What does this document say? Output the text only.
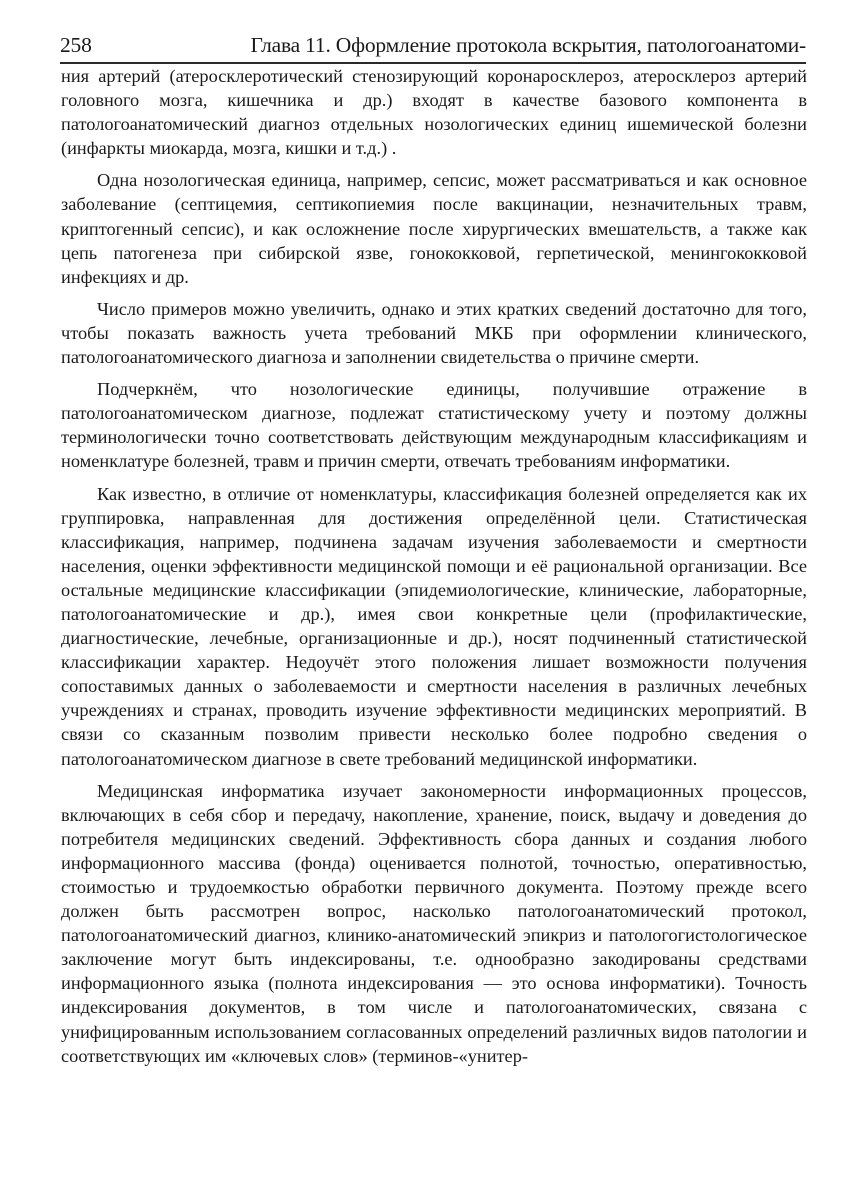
258	Глава 11. Оформление протокола вскрытия, патологоанатоми-

ния артерий (атеросклеротический стенозирующий коронаросклероз, атеросклероз артерий головного мозга, кишечника и др.) входят в качестве базового компонента в патологоанатомический диагноз отдельных нозологических единиц ишемической болезни (инфаркты миокарда, мозга, кишки и т.д.) .

Одна нозологическая единица, например, сепсис, может рассматриваться и как основное заболевание (септицемия, септикопиемия после вакцинации, незначительных травм, криптогенный сепсис), и как осложнение после хирургических вмешательств, а также как цепь патогенеза при сибирской язве, гонококковой, герпетической, менингококковой инфекциях и др.

Число примеров можно увеличить, однако и этих кратких сведений достаточно для того, чтобы показать важность учета требований МКБ при оформлении клинического, патологоанатомического диагноза и заполнении свидетельства о причине смерти.

Подчеркнём, что нозологические единицы, получившие отражение в патологоанатомическом диагнозе, подлежат статистическому учету и поэтому должны терминологически точно соответствовать действующим международным классификациям и номенклатуре болезней, травм и причин смерти, отвечать требованиям информатики.

Как известно, в отличие от номенклатуры, классификация болезней определяется как их группировка, направленная для достижения определённой цели. Статистическая классификация, например, подчинена задачам изучения заболеваемости и смертности населения, оценки эффективности медицинской помощи и её рациональной организации. Все остальные медицинские классификации (эпидемиологические, клинические, лабораторные, патологоанатомические и др.), имея свои конкретные цели (профилактические, диагностические, лечебные, организационные и др.), носят подчиненный статистической классификации характер. Недоучёт этого положения лишает возможности получения сопоставимых данных о заболеваемости и смертности населения в различных лечебных учреждениях и странах, проводить изучение эффективности медицинских мероприятий. В связи со сказанным позволим привести несколько более подробно сведения о патологоанатомическом диагнозе в свете требований медицинской информатики.

Медицинская информатика изучает закономерности информационных процессов, включающих в себя сбор и передачу, накопление, хранение, поиск, выдачу и доведения до потребителя медицинских сведений. Эффективность сбора данных и создания любого информационного массива (фонда) оценивается полнотой, точностью, оперативностью, стоимостью и трудоемкостью обработки первичного документа. Поэтому прежде всего должен быть рассмотрен вопрос, насколько патологоанатомический протокол, патологоанатомический диагноз, клинико-анатомический эпикриз и патологогистологическое заключение могут быть индексированы, т.е. однообразно закодированы средствами информационного языка (полнота индексирования — это основа информатики). Точность индексирования документов, в том числе и патологоанатомических, связана с унифицированным использованием согласованных определений различных видов патологии и соответствующих им «ключевых слов» (терминов-«унитер-
